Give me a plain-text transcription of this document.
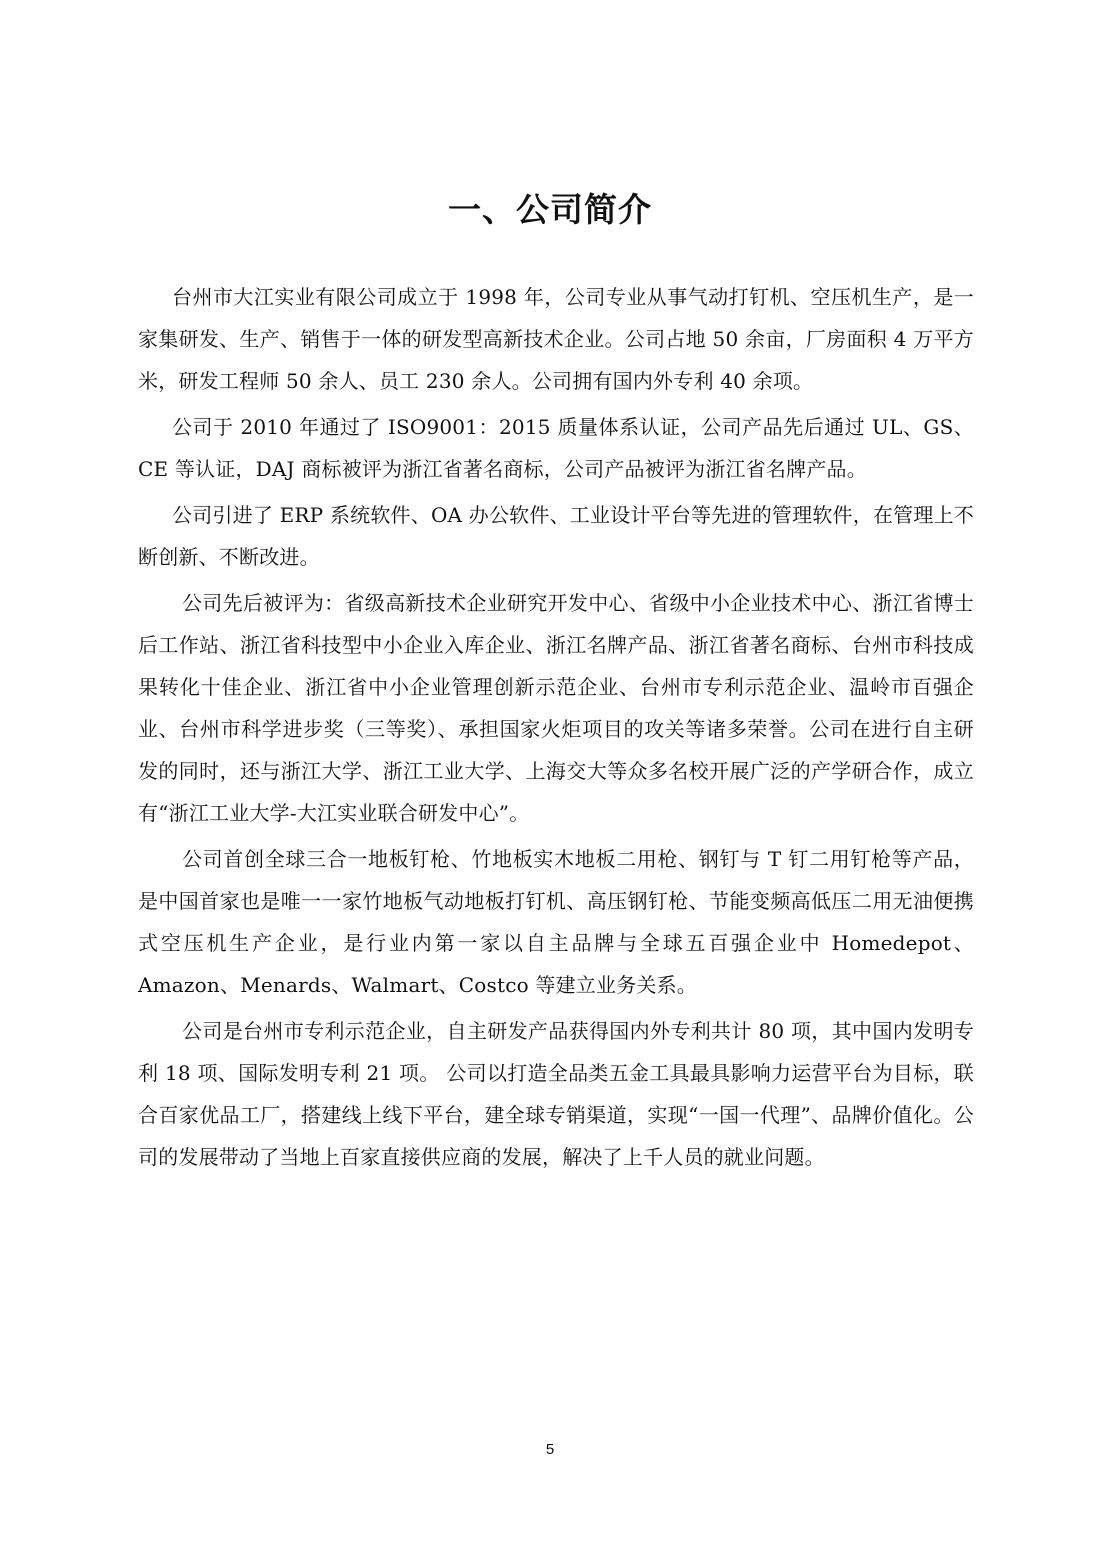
一、公司简介

台州市大江实业有限公司成立于 1998 年，公司专业从事气动打钉机、空压机生产，是一家集研发、生产、销售于一体的研发型高新技术企业。公司占地 50 余亩，厂房面积 4 万平方米，研发工程师 50 余人、员工 230 余人。公司拥有国内外专利 40 余项。

公司于 2010 年通过了 ISO9001：2015 质量体系认证，公司产品先后通过 UL、GS、CE 等认证，DAJ 商标被评为浙江省著名商标，公司产品被评为浙江省名牌产品。

公司引进了 ERP 系统软件、OA 办公软件、工业设计平台等先进的管理软件，在管理上不断创新、不断改进。

公司先后被评为：省级高新技术企业研究开发中心、省级中小企业技术中心、浙江省博士后工作站、浙江省科技型中小企业入库企业、浙江名牌产品、浙江省著名商标、台州市科技成果转化十佳企业、浙江省中小企业管理创新示范企业、台州市专利示范企业、温岭市百强企业、台州市科学进步奖（三等奖）、承担国家火炬项目的攻关等诸多荣誉。公司在进行自主研发的同时，还与浙江大学、浙江工业大学、上海交大等众多名校开展广泛的产学研合作，成立有“浙江工业大学-大江实业联合研发中心”。

公司首创全球三合一地板钉枪、竹地板实木地板二用枪、钢钉与 T 钉二用钉枪等产品，是中国首家也是唯一一家竹地板气动地板打钉机、高压钢钉枪、节能变频高低压二用无油便携式空压机生产企业，是行业内第一家以自主品牌与全球五百强企业中 Homedepot、Amazon、Menards、Walmart、Costco 等建立业务关系。

公司是台州市专利示范企业，自主研发产品获得国内外专利共计 80 项，其中国内发明专利 18 项、国际发明专利 21 项。 公司以打造全品类五金工具最具影响力运营平台为目标，联合百家优品工厂，搭建线上线下平台，建全球专销渠道，实现“一国一代理”、品牌价值化。公司的发展带动了当地上百家直接供应商的发展，解决了上千人员的就业问题。

5
